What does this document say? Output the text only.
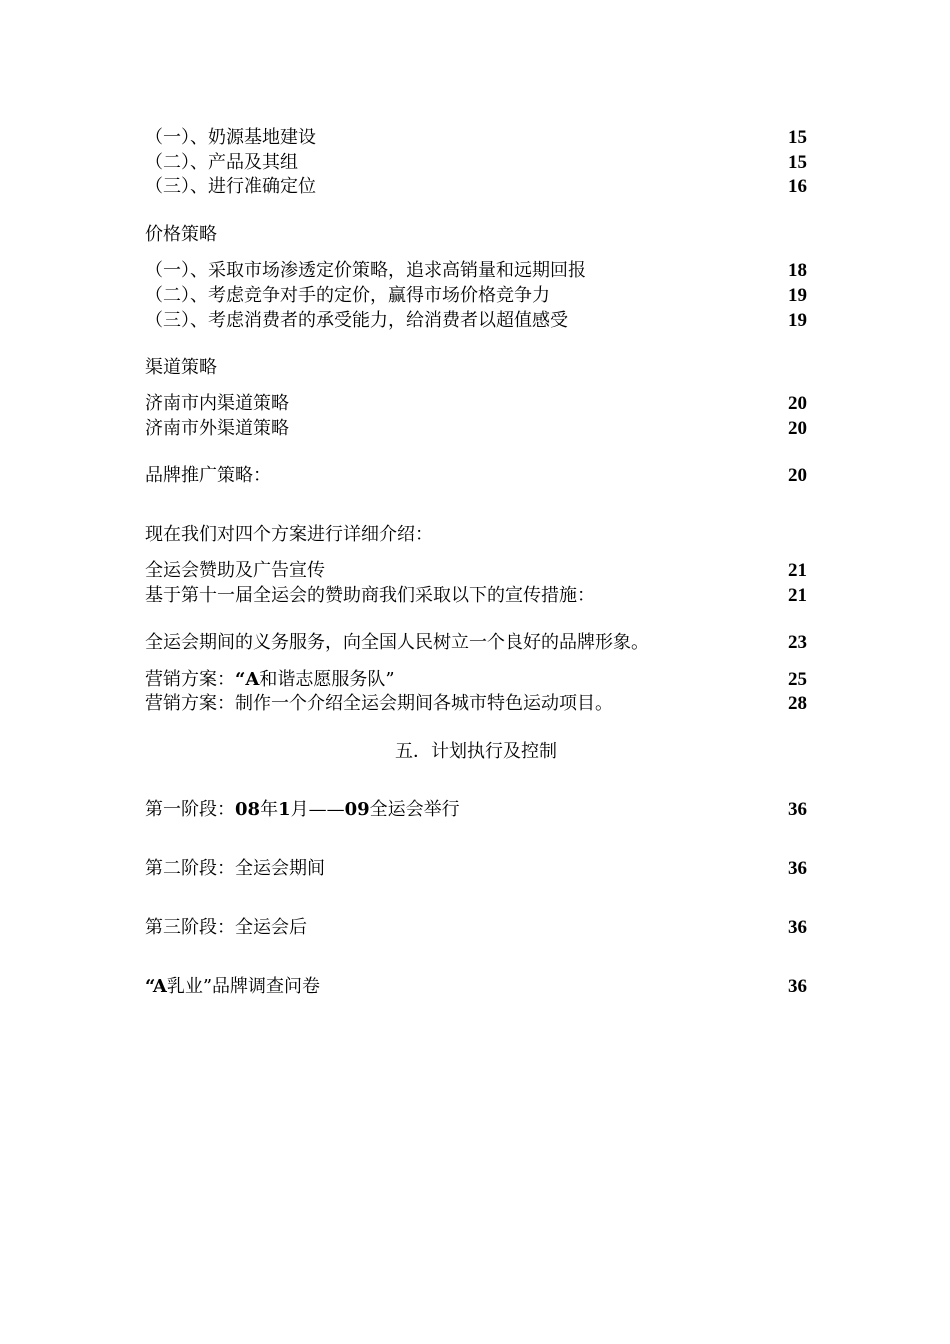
（一）、奶源基地建设	15
（二）、产品及其组	15
（三）、进行准确定位	16
价格策略
（一）、采取市场渗透定价策略，追求高销量和远期回报	18
（二）、考虑竞争对手的定价，赢得市场价格竞争力	19
（三）、考虑消费者的承受能力，给消费者以超值感受	19
渠道策略
济南市内渠道策略	20
济南市外渠道策略	20
品牌推广策略：	20
现在我们对四个方案进行详细介绍：
全运会赞助及广告宣传	21
基于第十一届全运会的赞助商我们采取以下的宣传措施：	21
全运会期间的义务服务，向全国人民树立一个良好的品牌形象。	23
营销方案：“A和谐志愿服务队”	25
营销方案：制作一个介绍全运会期间各城市特色运动项目。	28
五．计划执行及控制
第一阶段：08年1月——09全运会举行	36
第二阶段：全运会期间	36
第三阶段：全运会后	36
“A乳业”品牌调查问卷	36
